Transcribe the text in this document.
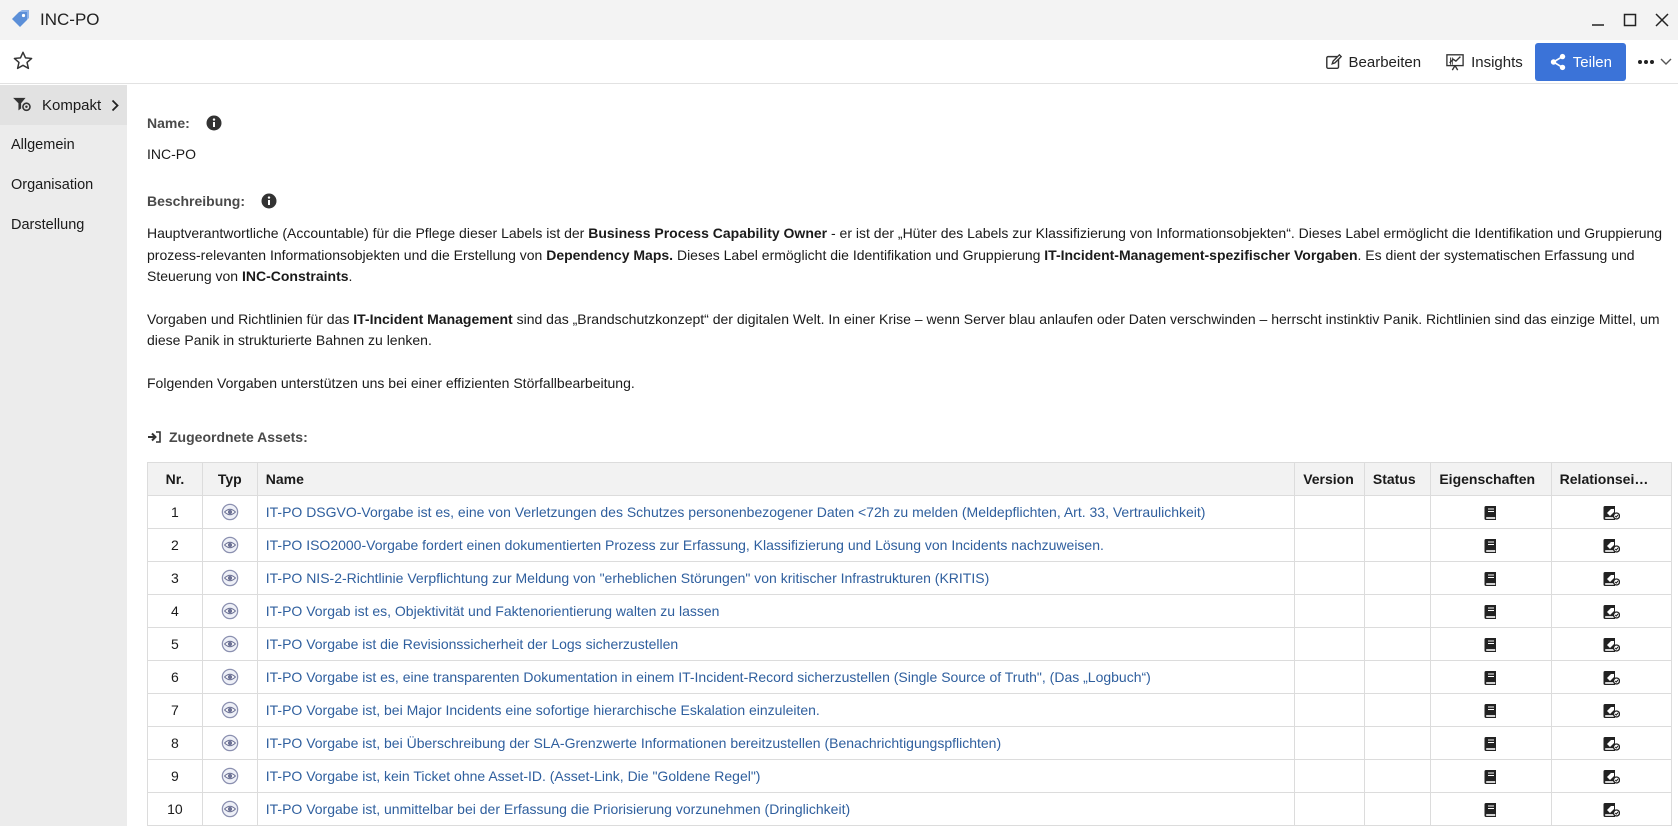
INC-PO
Bearbeiten	Insights	Teilen
Kompakt
Allgemein
Organisation
Darstellung
Name:
INC-PO
Beschreibung:

Hauptverantwortliche (Accountable) für die Pflege dieser Labels ist der Business Process Capability Owner - er ist der „Hüter des Labels zur Klassifizierung von Informationsobjekten“. Dieses Label ermöglicht die Identifikation und Gruppierung prozess-relevanten Informationsobjekten und die Erstellung von Dependency Maps. Dieses Label ermöglicht die Identifikation und Gruppierung IT-Incident-Management-spezifischer Vorgaben. Es dient der systematischen Erfassung und Steuerung von INC-Constraints.

Vorgaben und Richtlinien für das IT-Incident Management sind das „Brandschutzkonzept“ der digitalen Welt. In einer Krise – wenn Server blau anlaufen oder Daten verschwinden – herrscht instinktiv Panik. Richtlinien sind das einzige Mittel, um diese Panik in strukturierte Bahnen zu lenken.

Folgenden Vorgaben unterstützen uns bei einer effizienten Störfallbearbeitung.

Zugeordnete Assets:
Nr.	Typ	Name	Version	Status	Eigenschaften	Relationsei…
1		IT-PO DSGVO-Vorgabe ist es, eine von Verletzungen des Schutzes personenbezogener Daten <72h zu melden (Meldepflichten, Art. 33, Vertraulichkeit)			

2		IT-PO ISO2000-Vorgabe fordert einen dokumentierten Prozess zur Erfassung, Klassifizierung und Lösung von Incidents nachzuweisen.			

3		IT-PO NIS-2-Richtlinie Verpflichtung zur Meldung von "erheblichen Störungen" von kritischer Infrastrukturen (KRITIS)			

4		IT-PO Vorgab ist es, Objektivität und Faktenorientierung walten zu lassen			

5		IT-PO Vorgabe ist die Revisionssicherheit der Logs sicherzustellen			

6		IT-PO Vorgabe ist es, eine transparenten Dokumentation in einem IT-Incident-Record sicherzustellen (Single Source of Truth", (Das „Logbuch“)			

7		IT-PO Vorgabe ist, bei Major Incidents eine sofortige hierarchische Eskalation einzuleiten.			

8		IT-PO Vorgabe ist, bei Überschreibung der SLA-Grenzwerte Informationen bereitzustellen (Benachrichtigungspflichten)			

9		IT-PO Vorgabe ist, kein Ticket ohne Asset-ID. (Asset-Link, Die "Goldene Regel")			

10		IT-PO Vorgabe ist, unmittelbar bei der Erfassung die Priorisierung vorzunehmen (Dringlichkeit)			
